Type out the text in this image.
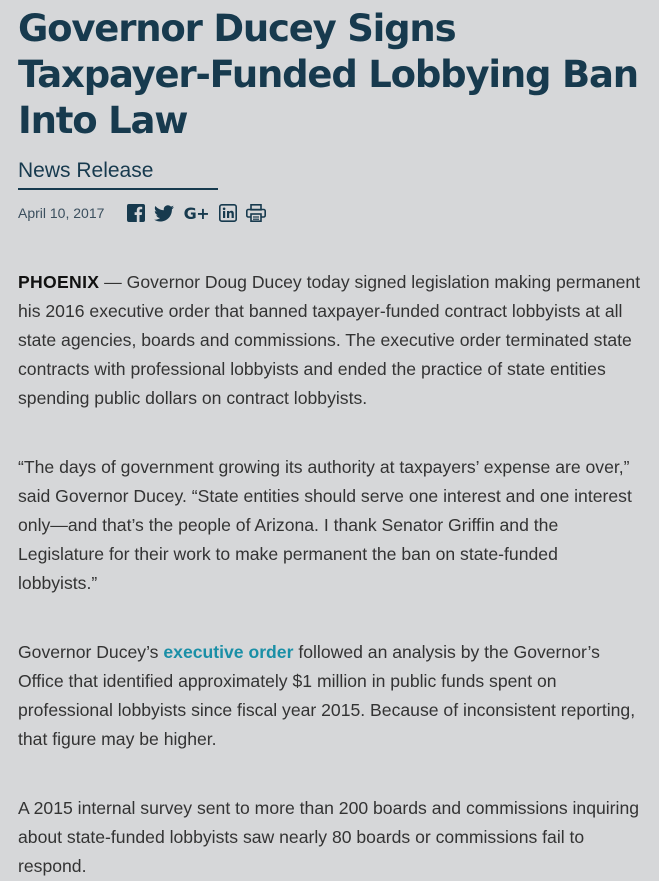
Governor Ducey Signs Taxpayer-Funded Lobbying Ban Into Law
News Release
April 10, 2017	G+

PHOENIX — Governor Doug Ducey today signed legislation making permanent his 2016 executive order that banned taxpayer-funded contract lobbyists at all state agencies, boards and commissions. The executive order terminated state contracts with professional lobbyists and ended the practice of state entities spending public dollars on contract lobbyists.

“The days of government growing its authority at taxpayers’ expense are over,” said Governor Ducey. “State entities should serve one interest and one interest only—and that’s the people of Arizona. I thank Senator Griffin and the Legislature for their work to make permanent the ban on state-funded lobbyists.”

Governor Ducey’s executive order followed an analysis by the Governor’s Office that identified approximately $1 million in public funds spent on professional lobbyists since fiscal year 2015. Because of inconsistent reporting, that figure may be higher.

A 2015 internal survey sent to more than 200 boards and commissions inquiring about state-funded lobbyists saw nearly 80 boards or commissions fail to respond.
